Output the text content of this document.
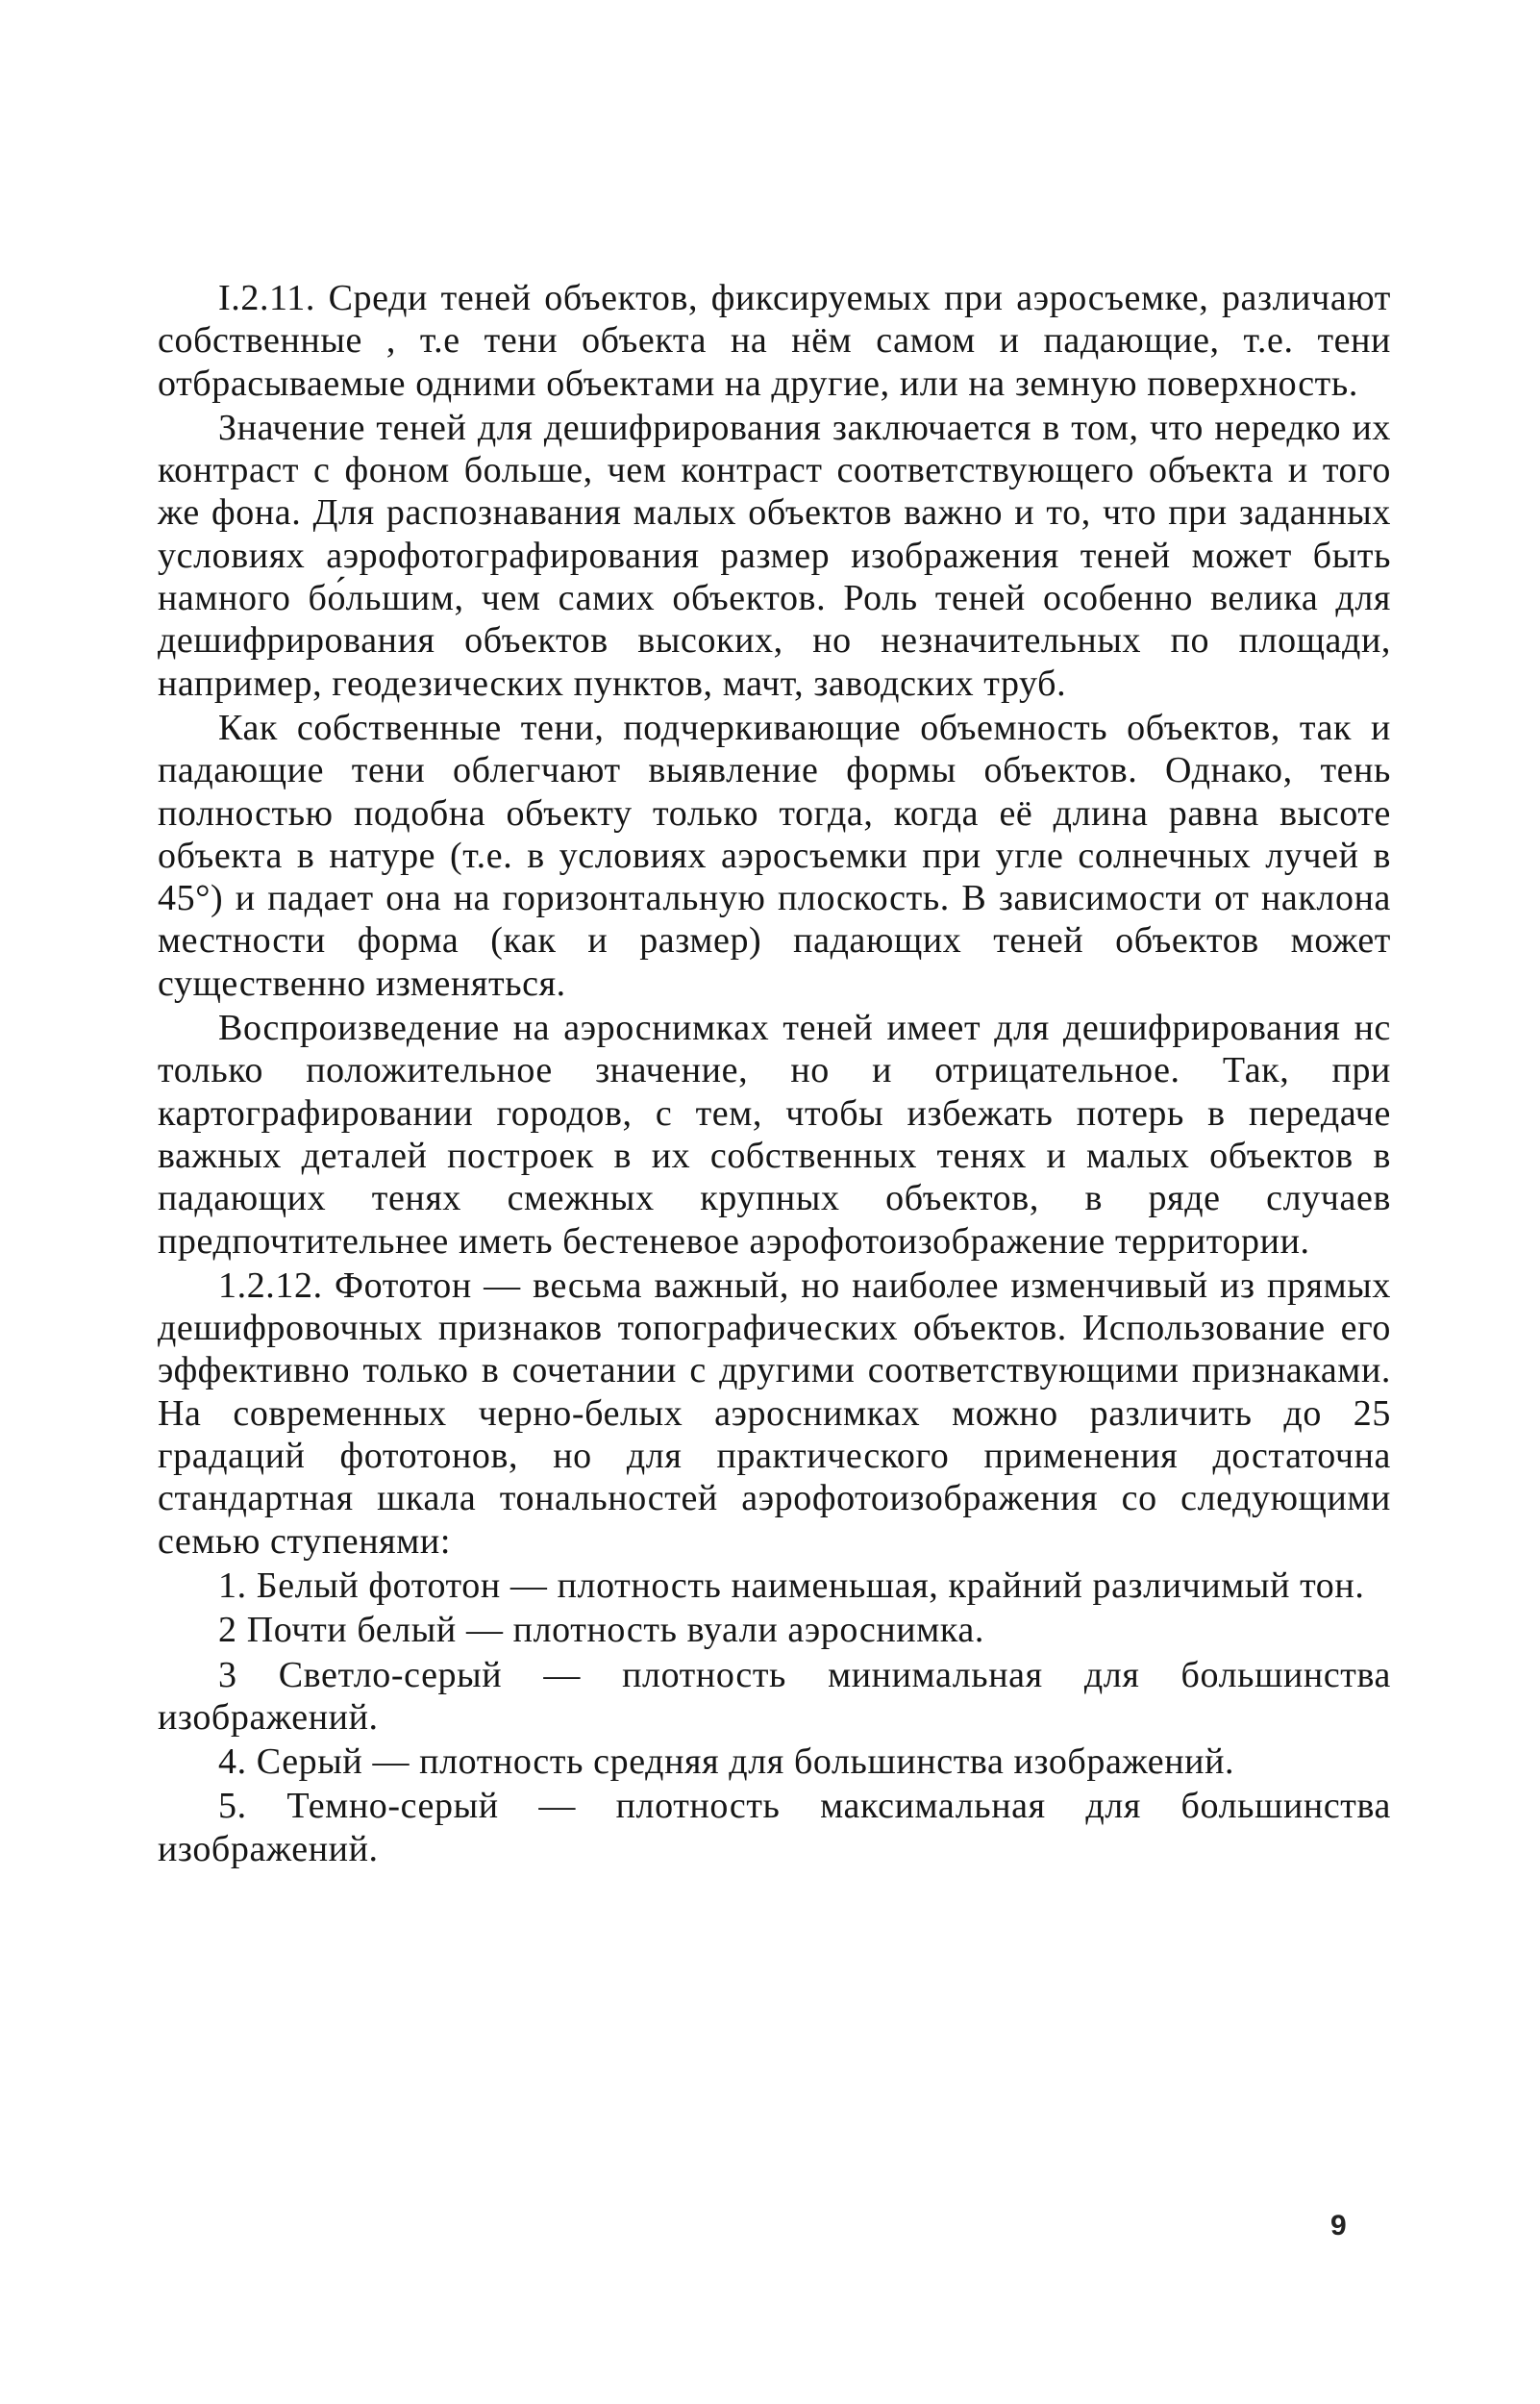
I.2.11. Среди теней объектов, фиксируемых при аэросъемке, различают собственные , т.е тени объекта на нём самом и падающие, т.е. тени отбрасываемые одними объектами на другие, или на земную поверхность.

Значение теней для дешифрирования заключается в том, что нередко их контраст с фоном больше, чем контраст соответствующего объекта и того же фона. Для распознавания малых объектов важно и то, что при заданных условиях аэрофотографирования размер изображения теней может быть намного бо́льшим, чем самих объектов. Роль теней особенно велика для дешифрирования объектов высоких, но незначительных по площади, например, геодезических пунктов, мачт, заводских труб.

Как собственные тени, подчеркивающие объемность объектов, так и падающие тени облегчают выявление формы объектов. Однако, тень полностью подобна объекту только тогда, когда её длина равна высоте объекта в натуре (т.е. в условиях аэросъемки при угле солнечных лучей в 45°) и падает она на горизонтальную плоскость. В зависимости от наклона местности форма (как и размер) падающих теней объектов может существенно изменяться.

Воспроизведение на аэроснимках теней имеет для дешифрирования нс только положительное значение, но и отрицательное. Так, при картографировании городов, с тем, чтобы избежать потерь в передаче важных деталей построек в их собственных тенях и малых объектов в падающих тенях смежных крупных объектов, в ряде случаев предпочтительнее иметь бестеневое аэрофотоизображение территории.

1.2.12. Фототон — весьма важный, но наиболее изменчивый из прямых дешифровочных признаков топографических объектов. Использование его эффективно только в сочетании с другими соответствующими признаками. На современных черно-белых аэроснимках можно различить до 25 градаций фототонов, но для практического применения достаточна стандартная шкала тональностей аэрофотоизображения со следующими семью ступенями:

1. Белый фототон — плотность наименьшая, крайний различимый тон.

2 Почти белый — плотность вуали аэроснимка.

3 Светло-серый — плотность минимальная для большинства изображений.

4. Серый — плотность средняя для большинства изображений.

5. Темно-серый — плотность максимальная для большинства изображений.

9
